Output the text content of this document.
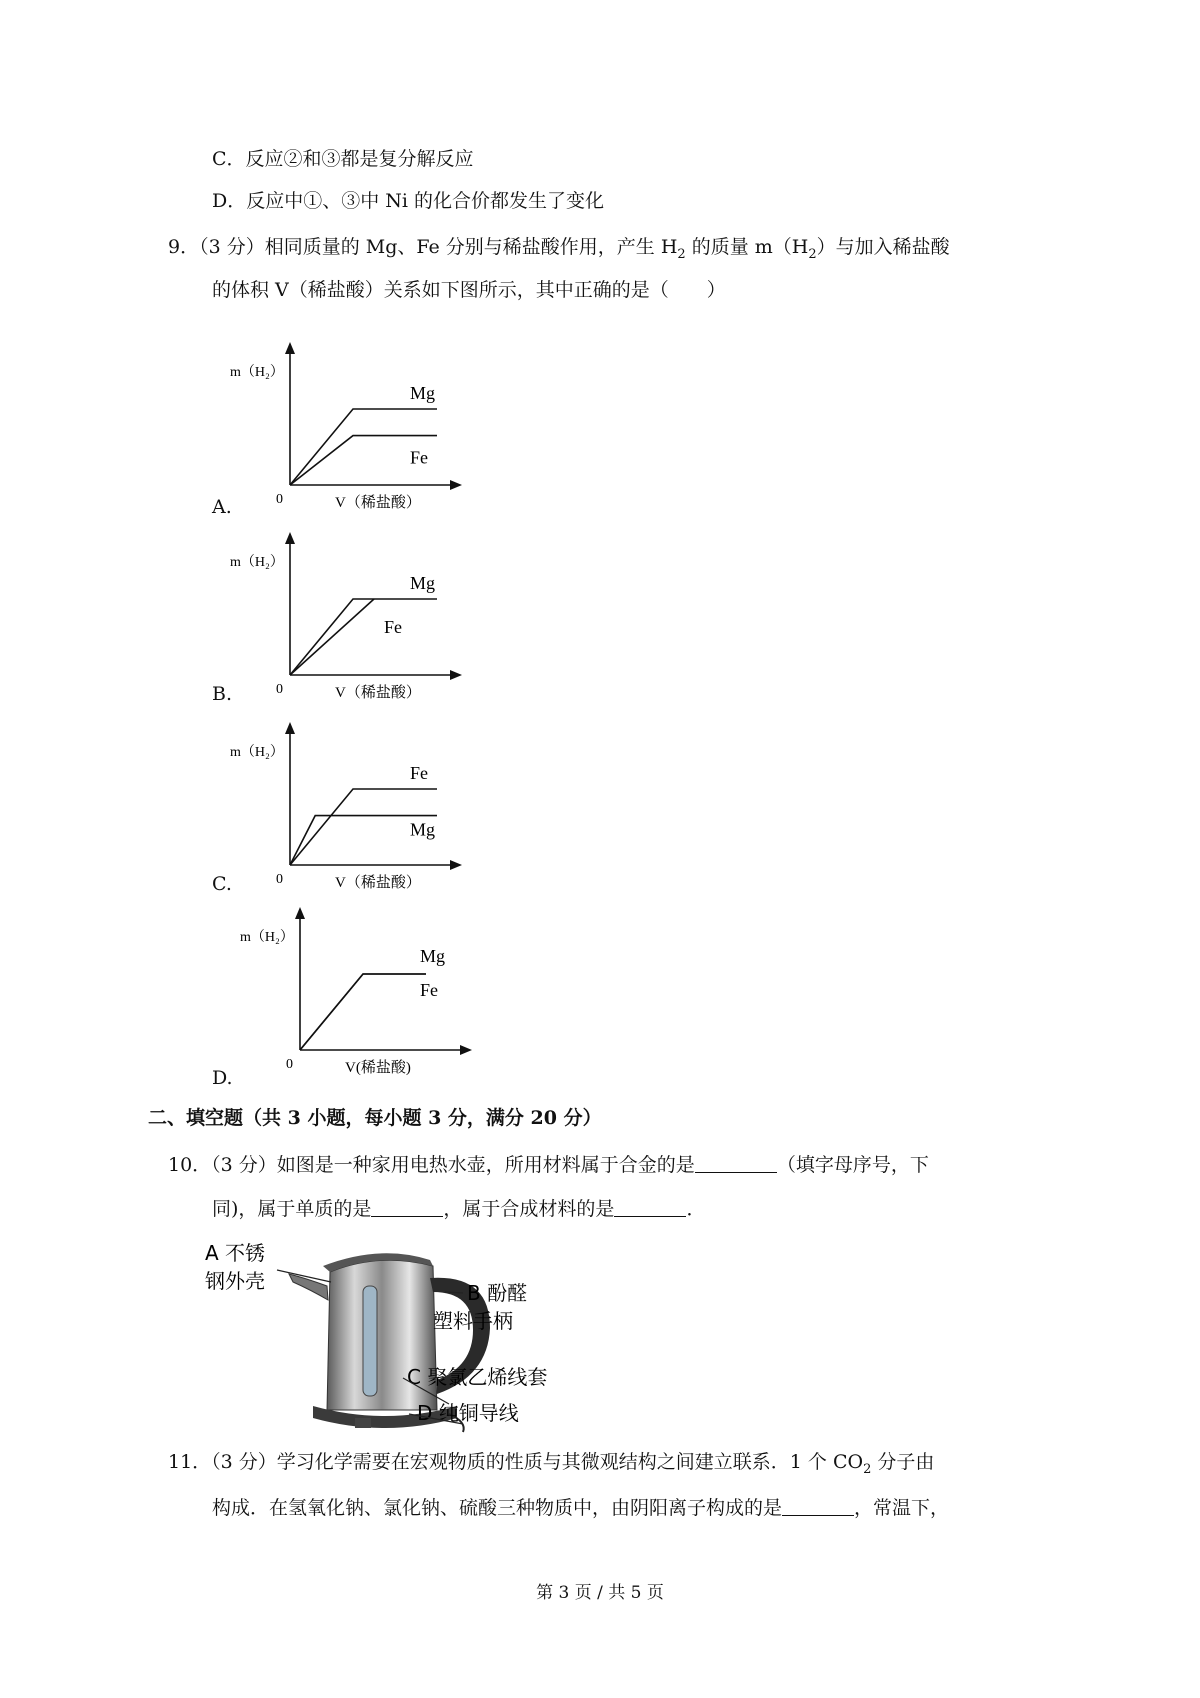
C．反应②和③都是复分解反应
D．反应中①、③中 Ni 的化合价都发生了变化
9．（3 分）相同质量的 Mg、Fe 分别与稀盐酸作用，产生 $H_2$ 的质量 $m(H_2)$与加入稀盐酸
的体积 V（稀盐酸）关系如下图所示，其中正确的是（　　）
A.
B.
C.
D.
m（H₂）
0	V（稀盐酸）
Mg
Fe
m（H₂）
0	V（稀盐酸）
Mg
Fe
m（H₂）
0	V（稀盐酸）
Fe
Mg
m（H₂）
0	V(稀盐酸)
Mg
Fe
二、填空题（共 3 小题，每小题 3 分，满分 20 分）
10．（3 分）如图是一种家用电热水壶，所用材料属于合金的是	（填字母序号，下
同)，属于单质的是	，属于合成材料的是	．
A 不锈
钢外壳	B 酚醛
塑料手柄
C 聚氯乙烯线套
D 纯铜导线
11．（3 分）学习化学需要在宏观物质的性质与其微观结构之间建立联系．1 个 $CO_2$ 分子由
构成．在氢氧化钠、氯化钠、硫酸三种物质中，由阴阳离子构成的是	，常温下，
第 3 页 / 共 5 页
